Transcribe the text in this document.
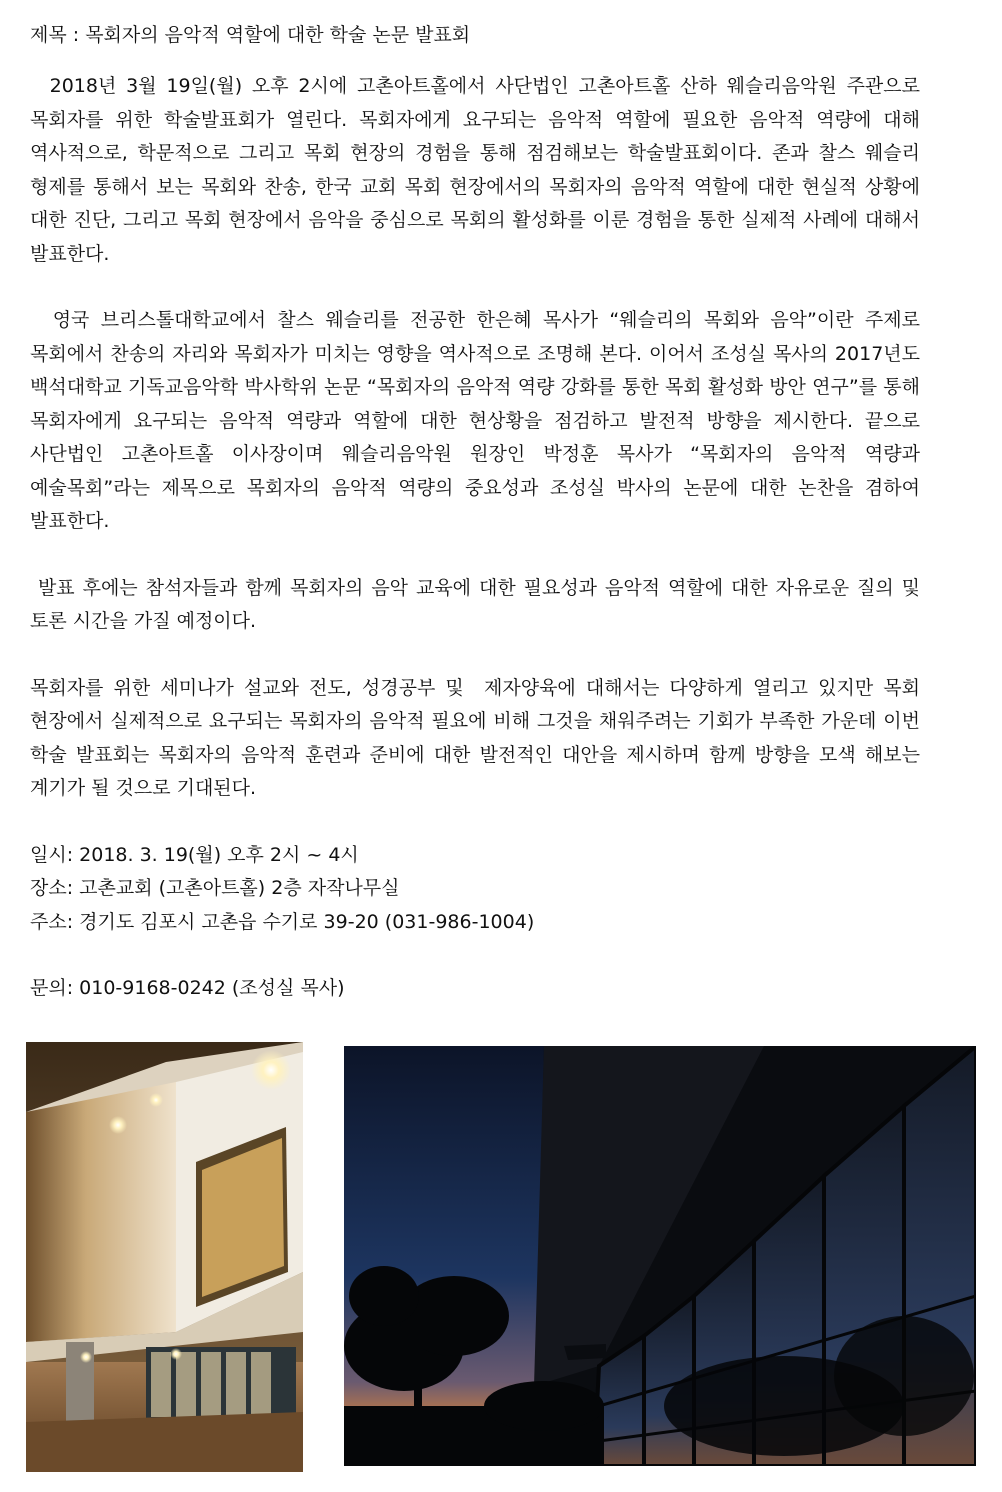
제목 : 목회자의 음악적 역할에 대한 학술 논문 발표회

2018년 3월 19일(월) 오후 2시에 고촌아트홀에서 사단법인 고촌아트홀 산하 웨슬리음악원 주관으로 목회자를 위한 학술발표회가 열린다. 목회자에게 요구되는 음악적 역할에 필요한 음악적 역량에 대해 역사적으로, 학문적으로 그리고 목회 현장의 경험을 통해 점검해보는 학술발표회이다. 존과 찰스 웨슬리 형제를 통해서 보는 목회와 찬송, 한국 교회 목회 현장에서의 목회자의 음악적 역할에 대한 현실적 상황에 대한 진단, 그리고 목회 현장에서 음악을 중심으로 목회의 활성화를 이룬 경험을 통한 실제적 사례에 대해서 발표한다.

영국 브리스톨대학교에서 찰스 웨슬리를 전공한 한은혜 목사가 “웨슬리의 목회와 음악”이란 주제로 목회에서 찬송의 자리와 목회자가 미치는 영향을 역사적으로 조명해 본다. 이어서 조성실 목사의 2017년도 백석대학교 기독교음악학 박사학위 논문 “목회자의 음악적 역량 강화를 통한 목회 활성화 방안 연구”를 통해 목회자에게 요구되는 음악적 역량과 역할에 대한 현상황을 점검하고 발전적 방향을 제시한다. 끝으로 사단법인 고촌아트홀 이사장이며 웨슬리음악원 원장인 박정훈 목사가 “목회자의 음악적 역량과 예술목회”라는 제목으로 목회자의 음악적 역량의 중요성과 조성실 박사의 논문에 대한 논찬을 겸하여 발표한다.

발표 후에는 참석자들과 함께 목회자의 음악 교육에 대한 필요성과 음악적 역할에 대한 자유로운 질의 및 토론 시간을 가질 예정이다.

목회자를 위한 세미나가 설교와 전도, 성경공부 및  제자양육에 대해서는 다양하게 열리고 있지만 목회 현장에서 실제적으로 요구되는 목회자의 음악적 필요에 비해 그것을 채워주려는 기회가 부족한 가운데 이번 학술 발표회는 목회자의 음악적 훈련과 준비에 대한 발전적인 대안을 제시하며 함께 방향을 모색 해보는 계기가 될 것으로 기대된다.

일시: 2018. 3. 19(월) 오후 2시 ~ 4시
장소: 고촌교회 (고촌아트홀) 2층 자작나무실
주소: 경기도 김포시 고촌읍 수기로 39-20 (031-986-1004)
문의: 010-9168-0242 (조성실 목사)
